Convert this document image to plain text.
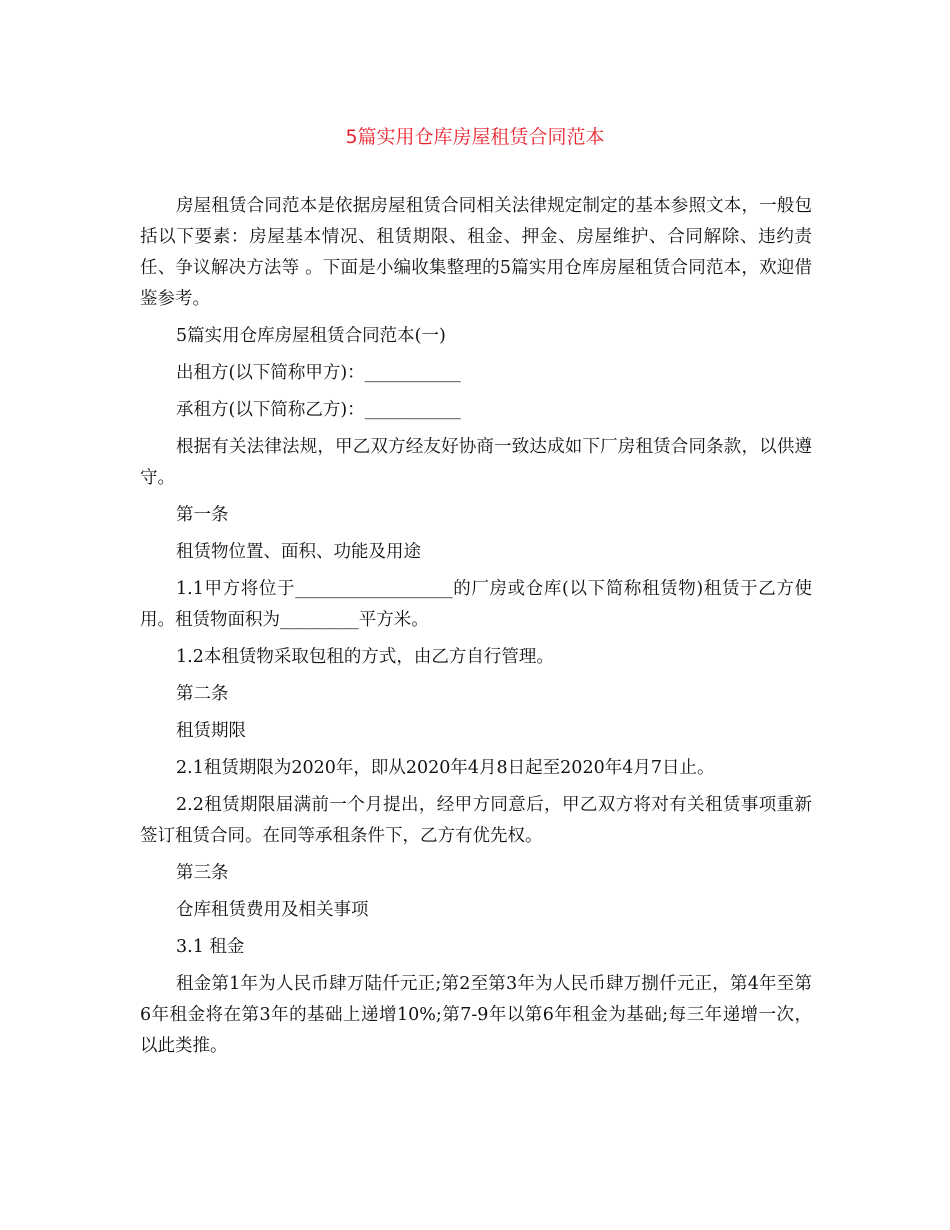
5篇实用仓库房屋租赁合同范本

房屋租赁合同范本是依据房屋租赁合同相关法律规定制定的基本参照文本，一般包括以下要素：房屋基本情况、租赁期限、租金、押金、房屋维护、合同解除、违约责任、争议解决方法等 。下面是小编收集整理的5篇实用仓库房屋租赁合同范本，欢迎借鉴参考。

5篇实用仓库房屋租赁合同范本(一)

出租方(以下简称甲方)：___________

承租方(以下简称乙方)：___________

根据有关法律法规，甲乙双方经友好协商一致达成如下厂房租赁合同条款，以供遵守。

第一条

租赁物位置、面积、功能及用途

1.1甲方将位于__________________的厂房或仓库(以下简称租赁物)租赁于乙方使用。租赁物面积为_________平方米。

1.2本租赁物采取包租的方式，由乙方自行管理。

第二条

租赁期限

2.1租赁期限为2020年，即从2020年4月8日起至2020年4月7日止。

2.2租赁期限届满前一个月提出，经甲方同意后，甲乙双方将对有关租赁事项重新签订租赁合同。在同等承租条件下，乙方有优先权。

第三条

仓库租赁费用及相关事项

3.1 租金

租金第1年为人民币肆万陆仟元正;第2至第3年为人民币肆万捌仟元正，第4年至第6年租金将在第3年的基础上递增10%;第7-9年以第6年租金为基础;每三年递增一次，以此类推。
